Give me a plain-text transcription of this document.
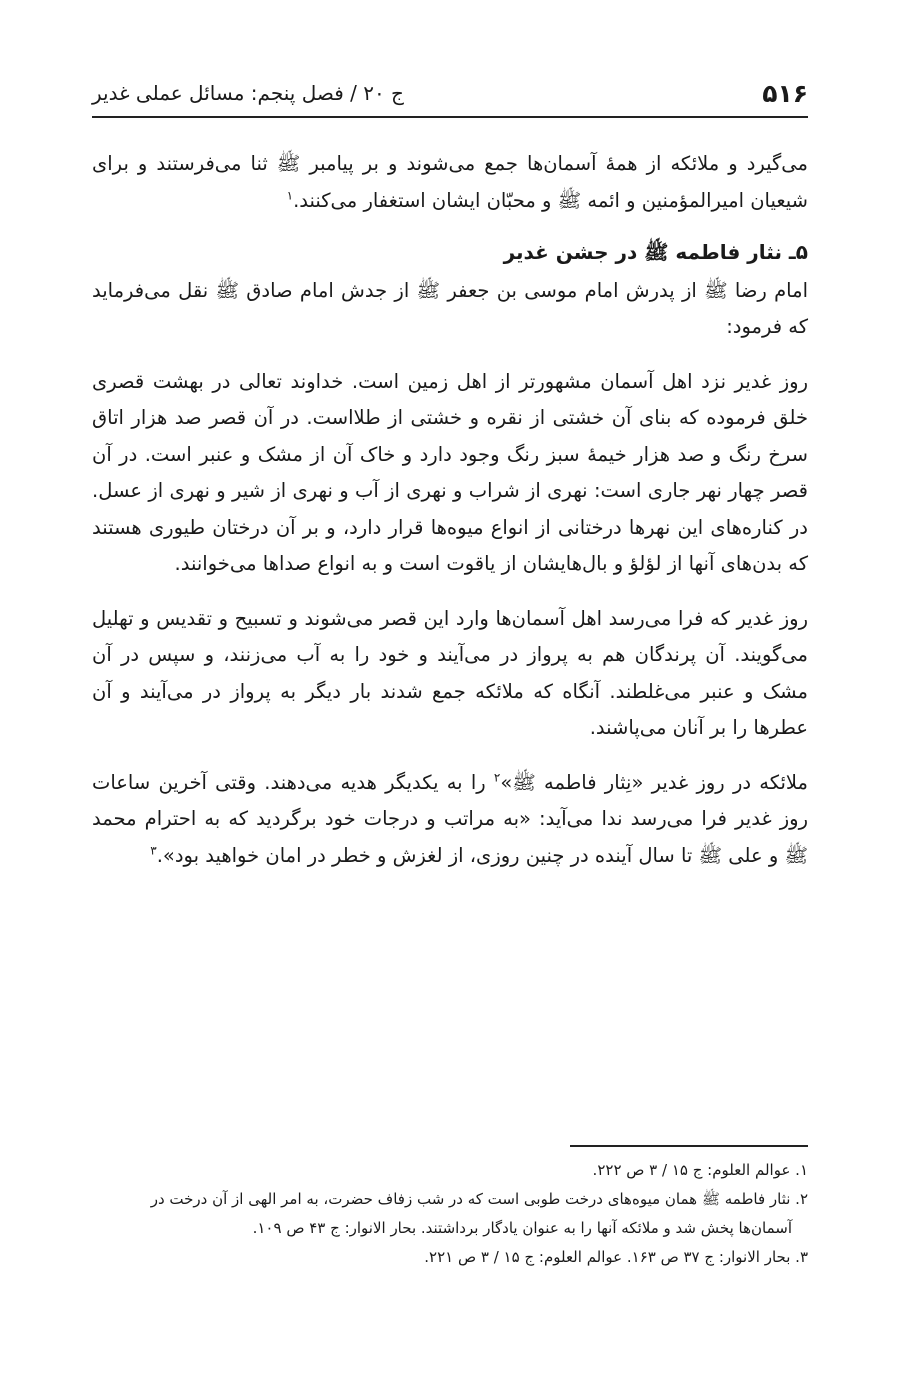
۵۱۶
ج ۲۰ / فصل پنجم: مسائل عملی غدیر

می‌گیرد و ملائکه از همهٔ آسمان‌ها جمع می‌شوند و بر پیامبر ﷺ ثنا می‌فرستند و برای شیعیان امیرالمؤمنین و ائمه ﷺ و محبّان ایشان استغفار می‌کنند.$^۱$

۵ـ نثار فاطمه ﷺ در جشن غدیر

امام رضا ﷺ از پدرش امام موسی بن جعفر ﷺ از جدش امام صادق ﷺ نقل می‌فرماید که فرمود:

روز غدیر نزد اهل آسمان مشهورتر از اهل زمین است. خداوند تعالی در بهشت قصری خلق فرموده که بنای آن خشتی از نقره و خشتی از طلااست. در آن قصر صد هزار اتاق سرخ رنگ و صد هزار خیمهٔ سبز رنگ وجود دارد و خاک آن از مشک و عنبر است. در آن قصر چهار نهر جاری است: نهری از شراب و نهری از آب و نهری از شیر و نهری از عسل. در کناره‌های این نهرها درختانی از انواع میوه‌ها قرار دارد، و بر آن درختان طیوری هستند که بدن‌های آنها از لؤلؤ و بال‌هایشان از یاقوت است و به انواع صداها می‌خوانند.

روز غدیر که فرا می‌رسد اهل آسمان‌ها وارد این قصر می‌شوند و تسبیح و تقدیس و تهلیل می‌گویند. آن پرندگان هم به پرواز در می‌آیند و خود را به آب می‌زنند، و سپس در آن مشک و عنبر می‌غلطند. آنگاه که ملائکه جمع شدند بار دیگر به پرواز در می‌آیند و آن عطرها را بر آنان می‌پاشند.

ملائکه در روز غدیر «نِثار فاطمه ﷺ»$^۲$ را به یکدیگر هدیه می‌دهند. وقتی آخرین ساعات روز غدیر فرا می‌رسد ندا می‌آید: «به مراتب و درجات خود برگردید که به احترام محمد ﷺ و علی ﷺ تا سال آینده در چنین روزی، از لغزش و خطر در امان خواهید بود».$^۳$

۱. عوالم العلوم: ج ۱۵ / ۳ ص ۲۲۲.

۲. نثار فاطمه ﷺ همان میوه‌های درخت طوبی است که در شب زفاف حضرت، به امر الهی از آن درخت در

آسمان‌ها پخش شد و ملائکه آنها را به عنوان یادگار برداشتند. بحار الانوار: ج ۴۳ ص ۱۰۹.

۳. بحار الانوار: ج ۳۷ ص ۱۶۳. عوالم العلوم: ج ۱۵ / ۳ ص ۲۲۱.
